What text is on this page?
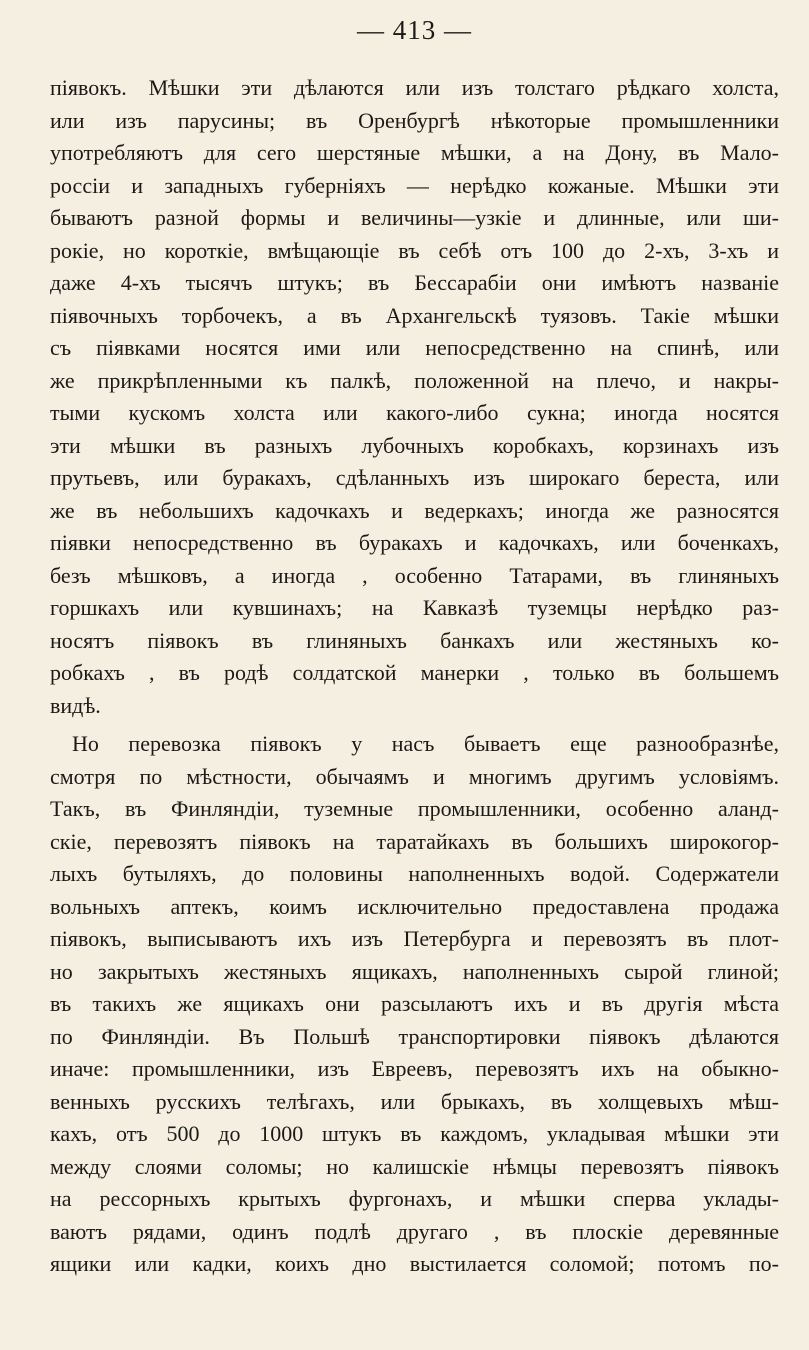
— 413 —
піявокъ. Мѣшки эти дѣлаются или изъ толстаго рѣдкаго холста,
или изъ парусины; въ Оренбургѣ нѣкоторые промышленники
употребляютъ для сего шерстяные мѣшки, а на Дону, въ Мало-
россіи и западныхъ губерніяхъ — нерѣдко кожаные. Мѣшки эти
бываютъ разной формы и величины—узкіе и длинные, или ши-
рокіе, но короткіе, вмѣщающіе въ себѣ отъ 100 до 2-хъ, 3-хъ и
даже 4-хъ тысячъ штукъ; въ Бессарабіи они имѣютъ названіе
піявочныхъ торбочекъ, а въ Архангельскѣ туязовъ. Такіе мѣшки
съ піявками носятся ими или непосредственно на спинѣ, или
же прикрѣпленными къ палкѣ, положенной на плечо, и накры-
тыми кускомъ холста или какого-либо сукна; иногда носятся
эти мѣшки въ разныхъ лубочныхъ коробкахъ, корзинахъ изъ
прутьевъ, или буракахъ, сдѣланныхъ изъ широкаго береста, или
же въ небольшихъ кадочкахъ и ведеркахъ; иногда же разносятся
піявки непосредственно въ буракахъ и кадочкахъ, или боченкахъ,
безъ мѣшковъ, а иногда , особенно Татарами, въ глиняныхъ
горшкахъ или кувшинахъ; на Кавказѣ туземцы нерѣдко раз-
носятъ піявокъ въ глиняныхъ банкахъ или жестяныхъ ко-
робкахъ , въ родѣ солдатской манерки , только въ большемъ
видѣ.
Но перевозка піявокъ у насъ бываетъ еще разнообразнѣе,
смотря по мѣстности, обычаямъ и многимъ другимъ условіямъ.
Такъ, въ Финляндіи, туземные промышленники, особенно аланд-
скіе, перевозятъ піявокъ на таратайкахъ въ большихъ широкогор-
лыхъ бутыляхъ, до половины наполненныхъ водой. Содержатели
вольныхъ аптекъ, коимъ исключительно предоставлена продажа
піявокъ, выписываютъ ихъ изъ Петербурга и перевозятъ въ плот-
но закрытыхъ жестяныхъ ящикахъ, наполненныхъ сырой глиной;
въ такихъ же ящикахъ они разсылаютъ ихъ и въ другія мѣста
по Финляндіи. Въ Польшѣ транспортировки піявокъ дѣлаются
иначе: промышленники, изъ Евреевъ, перевозятъ ихъ на обыкно-
венныхъ русскихъ телѣгахъ, или брыкахъ, въ холщевыхъ мѣш-
кахъ, отъ 500 до 1000 штукъ въ каждомъ, укладывая мѣшки эти
между слоями соломы; но калишскіе нѣмцы перевозятъ піявокъ
на рессорныхъ крытыхъ фургонахъ, и мѣшки сперва уклады-
ваютъ рядами, одинъ подлѣ другаго , въ плоскіе деревянные
ящики или кадки, коихъ дно выстилается соломой; потомъ по-
